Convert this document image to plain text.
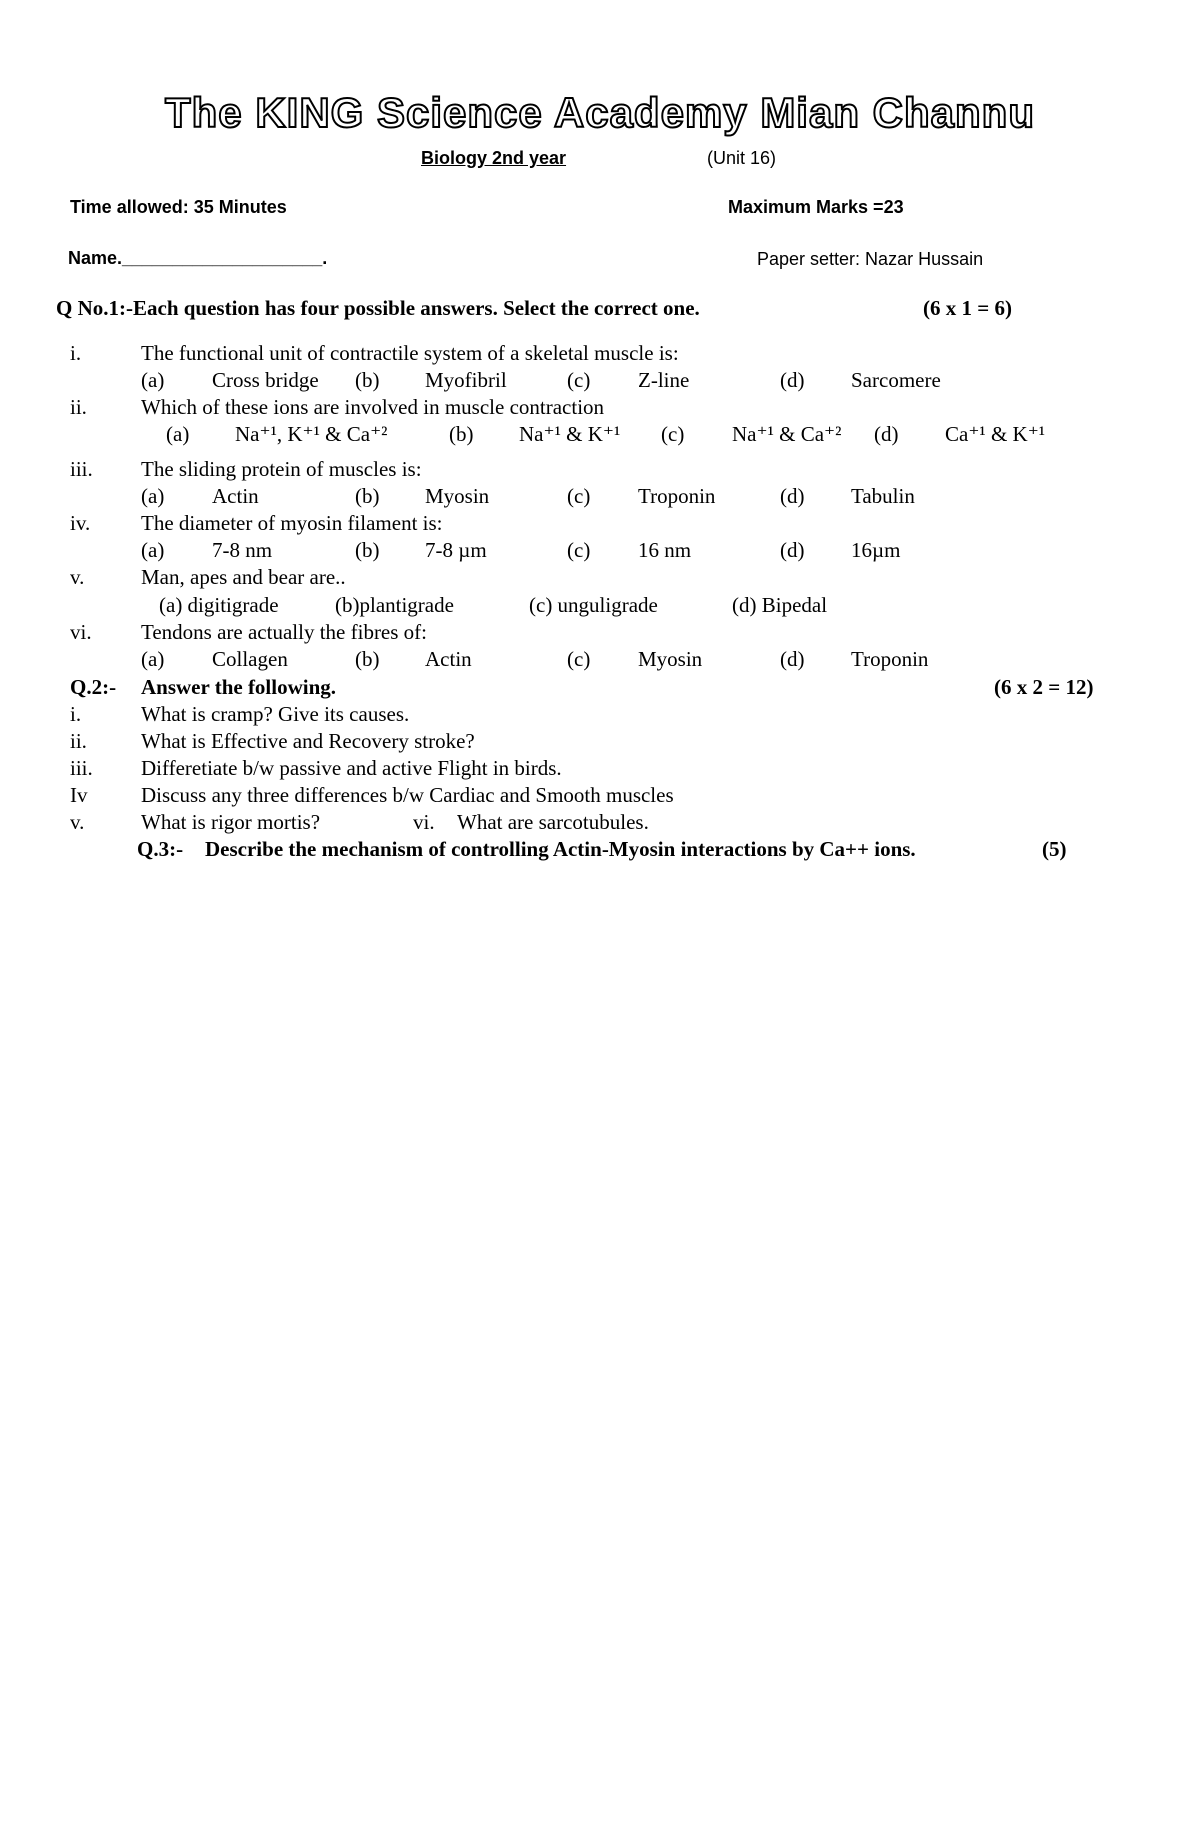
The KING Science Academy Mian Channu
Biology 2nd year	(Unit 16)
Time allowed: 35 Minutes	Maximum Marks =23
Name.____________________.	Paper setter: Nazar Hussain
Q No.1:-Each question has four possible answers. Select the correct one.	(6 x 1 = 6)
i.	The functional unit of contractile system of a skeletal muscle is:
(a) Cross bridge (b) Myofibril	(c) Z-line	(d) Sarcomere
ii.	Which of these ions are involved in muscle contraction
(a) Na⁺¹, K⁺¹ & Ca⁺²	(b) Na⁺¹ & K⁺¹ (c) Na⁺¹ & Ca⁺² (d) Ca⁺¹ & K⁺¹
iii. The sliding protein of muscles is:
(a) Actin	(b) Myosin	(c) Troponin	(d) Tabulin
iv. The diameter of myosin filament is:
(a) 7-8 nm	(b) 7-8 µm	(c) 16 nm	(d) 16µm
v.	Man, apes and bear are..
(a) digitigrade	(b)plantigrade	(c) unguligrade	(d) Bipedal
vi. Tendons are actually the fibres of:
(a) Collagen	(b) Actin	(c) Myosin	(d) Troponin
Q.2:- Answer the following.	(6 x 2 = 12)
i.	What is cramp? Give its causes.
ii.	What is Effective and Recovery stroke?
iii. Differetiate b/w passive and active Flight in birds.
Iv	Discuss any three differences b/w Cardiac and Smooth muscles
v.	What is rigor mortis?	vi. What are sarcotubules.
Q.3:- Describe the mechanism of controlling Actin-Myosin interactions by Ca++ ions.	(5)
